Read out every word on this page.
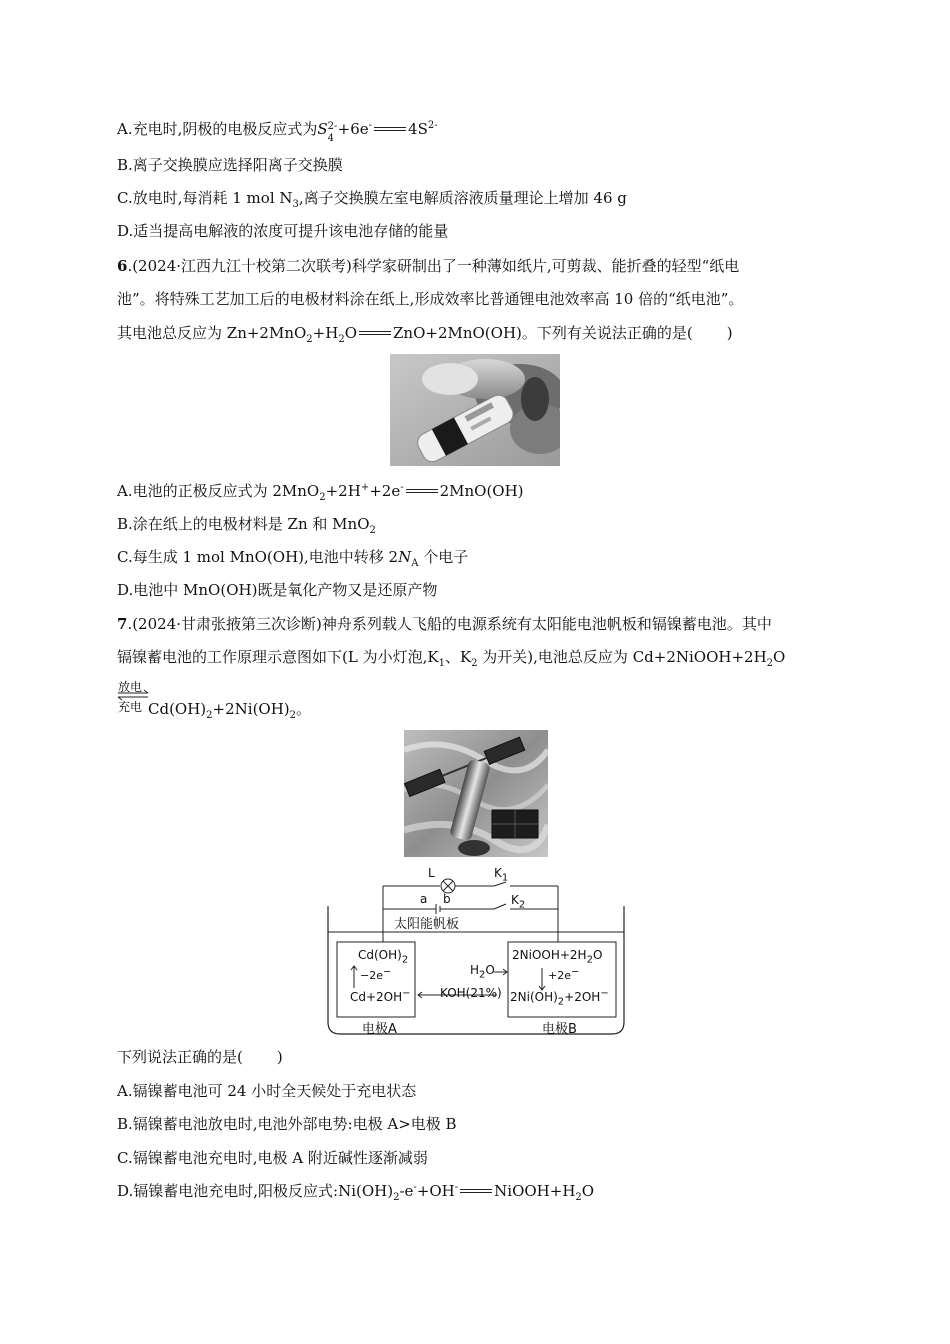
A.充电时,阴极的电极反应式为S 2-
4
+6e- $4S^{2-}$
B.离子交换膜应选择阳离子交换膜
C.放电时,每消耗 1 mol $N_3$,离子交换膜左室电解质溶液质量理论上增加 46 g
D.适当提高电解液的浓度可提升该电池存储的能量
6.(2024·江西九江十校第二次联考)科学家研制出了一种薄如纸片,可剪裁、能折叠的轻型“纸电
池”。将特殊工艺加工后的电极材料涂在纸上,形成效率比普通锂电池效率高 10 倍的“纸电池”。
其电池总反应为 $Zn+2MnO_2+H_2O$ ZnO+2MnO(OH)。下列有关说法正确的是( )
A.电池的正极反应式为 2MnO$_2$+2H++2e- 2MnO(OH)
B.涂在纸上的电极材料是 Zn 和 MnO$_2$
C.每生成 1 mol MnO(OH),电池中转移 $2N_A$ 个电子
D.电池中 MnO(OH)既是氧化产物又是还原产物
7.(2024·甘肃张掖第三次诊断)神舟系列载人飞船的电源系统有太阳能电池帆板和镉镍蓄电池。其中
镉镍蓄电池的工作原理示意图如下(L 为小灯泡$,K_1$、$K_2$ 为开关),电池总反应为 $Cd+2NiOOH+2H_2O$
放电
充电 $Cd(OH)_2+2Ni(OH)_2$。
L	$K_1$
$K_2$
a b
太阳能帆板
$Cd(OH)_2$
−2e−
Cd+2OH−
$H_2O$
KOH(21%)
$2NiOOH+2H_2O$
+2e−
$2Ni(OH)_2+2OH^-$
电极A	电极B
下列说法正确的是( )
A.镉镍蓄电池可 24 小时全天候处于充电状态
B.镉镍蓄电池放电时,电池外部电势:电极 A>电极 B
C.镉镍蓄电池充电时,电极 A 附近碱性逐渐减弱
D.镉镍蓄电池充电时,阳极反应式$:Ni(OH)_2-e^-+OH^-$ $NiOOH+H_2O$
